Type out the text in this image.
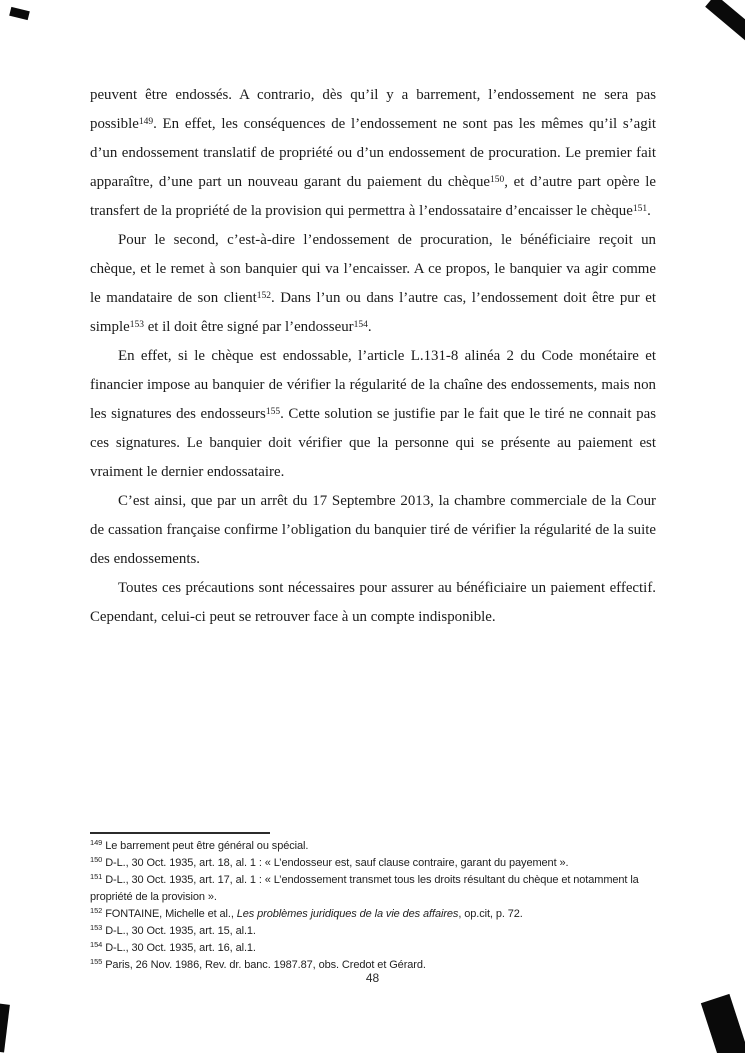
peuvent être endossés. A contrario, dès qu’il y a barrement, l’endossement ne sera pas possible$^{149}$. En effet, les conséquences de l’endossement ne sont pas les mêmes qu’il s’agit d’un endossement translatif de propriété ou d’un endossement de procuration. Le premier fait apparaître, d’une part un nouveau garant du paiement du chèque$^{150}$, et d’autre part opère le transfert de la propriété de la provision qui permettra à l’endossataire d’encaisser le chèque$^{151}$.

Pour le second, c’est-à-dire l’endossement de procuration, le bénéficiaire reçoit un chèque, et le remet à son banquier qui va l’encaisser. A ce propos, le banquier va agir comme le mandataire de son client$^{152}$. Dans l’un ou dans l’autre cas, l’endossement doit être pur et simple$^{153}$ et il doit être signé par l’endosseur$^{154}$.

En effet, si le chèque est endossable, l’article L.131-8 alinéa 2 du Code monétaire et financier impose au banquier de vérifier la régularité de la chaîne des endossements, mais non les signatures des endosseurs$^{155}$. Cette solution se justifie par le fait que le tiré ne connait pas ces signatures. Le banquier doit vérifier que la personne qui se présente au paiement est vraiment le dernier endossataire.

C’est ainsi, que par un arrêt du 17 Septembre 2013, la chambre commerciale de la Cour de cassation française confirme l’obligation du banquier tiré de vérifier la régularité de la suite des endossements.

Toutes ces précautions sont nécessaires pour assurer au bénéficiaire un paiement effectif. Cependant, celui-ci peut se retrouver face à un compte indisponible.

$^{149}$ Le barrement peut être général ou spécial.

$^{150}$ D-L., 30 Oct. 1935, art. 18, al. 1 : « L’endosseur est, sauf clause contraire, garant du payement ».

$^{151}$ D-L., 30 Oct. 1935, art. 17, al. 1 : « L’endossement transmet tous les droits résultant du chèque et notamment la propriété de la provision ».

$^{152}$ FONTAINE, Michelle et al., Les problèmes juridiques de la vie des affaires, op.cit, p. 72.

$^{153}$ D-L., 30 Oct. 1935, art. 15, al.1.

$^{154}$ D-L., 30 Oct. 1935, art. 16, al.1.

$^{155}$ Paris, 26 Nov. 1986, Rev. dr. banc. 1987.87, obs. Credot et Gérard.

48
